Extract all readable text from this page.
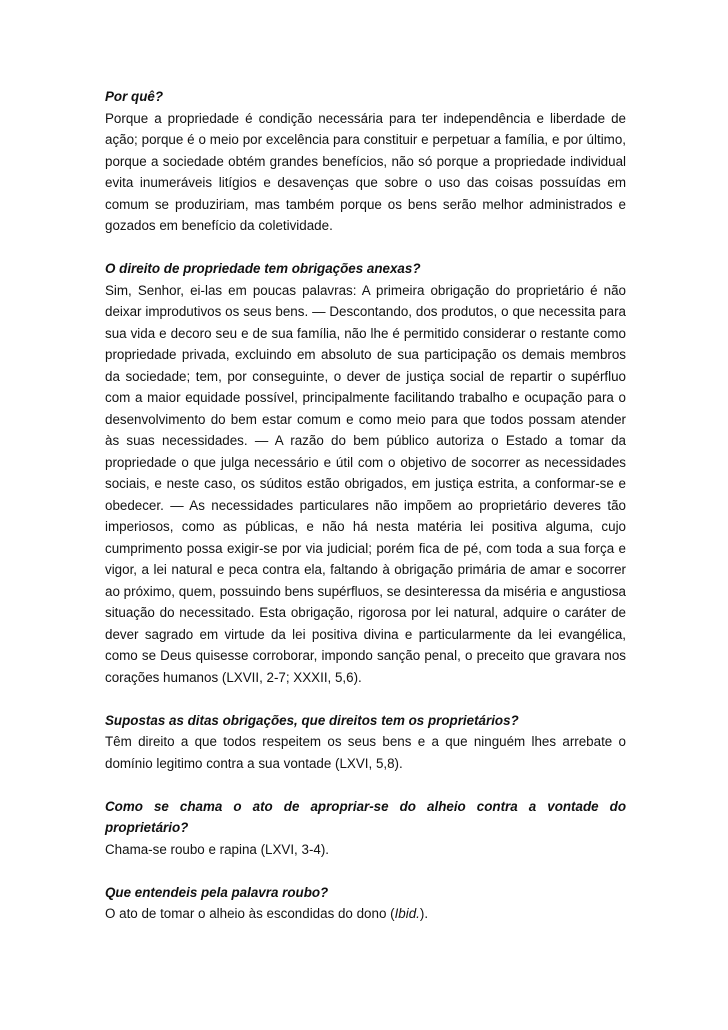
Por quê?

Porque a propriedade é condição necessária para ter independência e liberdade de ação; porque é o meio por excelência para constituir e perpetuar a família, e por último, porque a sociedade obtém grandes benefícios, não só porque a propriedade individual evita inumeráveis litígios e desavenças que sobre o uso das coisas possuídas em comum se produziriam, mas também porque os bens serão melhor administrados e gozados em benefício da coletividade.

O direito de propriedade tem obrigações anexas?

Sim, Senhor, ei-las em poucas palavras: A primeira obrigação do proprietário é não deixar improdutivos os seus bens. — Descontando, dos produtos, o que necessita para sua vida e decoro seu e de sua família, não lhe é permitido considerar o restante como propriedade privada, excluindo em absoluto de sua participação os demais membros da sociedade; tem, por conseguinte, o dever de justiça social de repartir o supérfluo com a maior equidade possível, principalmente facilitando trabalho e ocupação para o desenvolvimento do bem estar comum e como meio para que todos possam atender às suas necessidades. — A razão do bem público autoriza o Estado a tomar da propriedade o que julga necessário e útil com o objetivo de socorrer as necessidades sociais, e neste caso, os súditos estão obrigados, em justiça estrita, a conformar-se e obedecer. — As necessidades particulares não impõem ao proprietário deveres tão imperiosos, como as públicas, e não há nesta matéria lei positiva alguma, cujo cumprimento possa exigir-se por via judicial; porém fica de pé, com toda a sua força e vigor, a lei natural e peca contra ela, faltando à obrigação primária de amar e socorrer ao próximo, quem, possuindo bens supérfluos, se desinteressa da miséria e angustiosa situação do necessitado. Esta obrigação, rigorosa por lei natural, adquire o caráter de dever sagrado em virtude da lei positiva divina e particularmente da lei evangélica, como se Deus quisesse corroborar, impondo sanção penal, o preceito que gravara nos corações humanos (LXVII, 2-7; XXXII, 5,6).

Supostas as ditas obrigações, que direitos tem os proprietários?

Têm direito a que todos respeitem os seus bens e a que ninguém lhes arrebate o domínio legitimo contra a sua vontade (LXVI, 5,8).

Como se chama o ato de apropriar-se do alheio contra a vontade do

proprietário?

Chama-se roubo e rapina (LXVI, 3-4).

Que entendeis pela palavra roubo?

O ato de tomar o alheio às escondidas do dono (Ibid.).
